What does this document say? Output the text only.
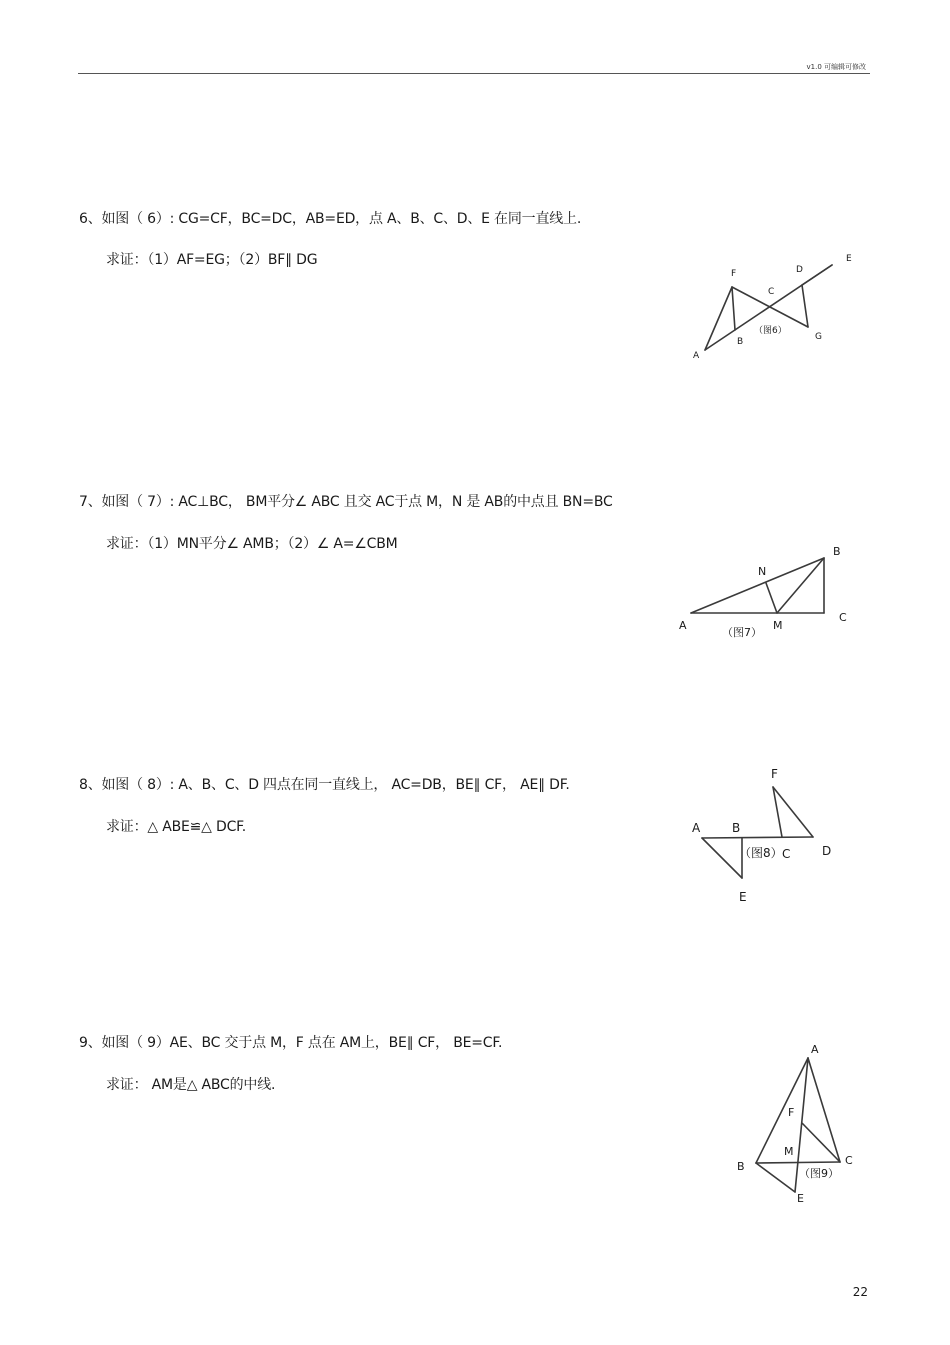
v1.0 可编辑可修改
6、如图（ 6）: CG=CF，BC=DC，AB=ED，点 A、B、C、D、E 在同一直线上.
求证：（1）AF=EG；（2）BF∥ DG
F	D
E
C
（图6）
G
B
A
7、如图（ 7）: AC⊥BC， BM平分∠ ABC 且交 AC于点 M，N 是 AB的中点且 BN=BC
求证：（1）MN平分∠ AMB；（2）∠ A=∠CBM	B
N
C
A	M
（图7）
8、如图（ 8）: A、B、C、D 四点在同一直线上， AC=DB，BE∥ CF， AE∥ DF.
求证：△ ABE≌△ DCF.
F
A	B
（图8） C	D
E
9、如图（ 9）AE、BC 交于点 M，F 点在 AM上，BE∥ CF， BE=CF.
求证： AM是△ ABC的中线.
A
F
M
C
B
（图9）
E
22
